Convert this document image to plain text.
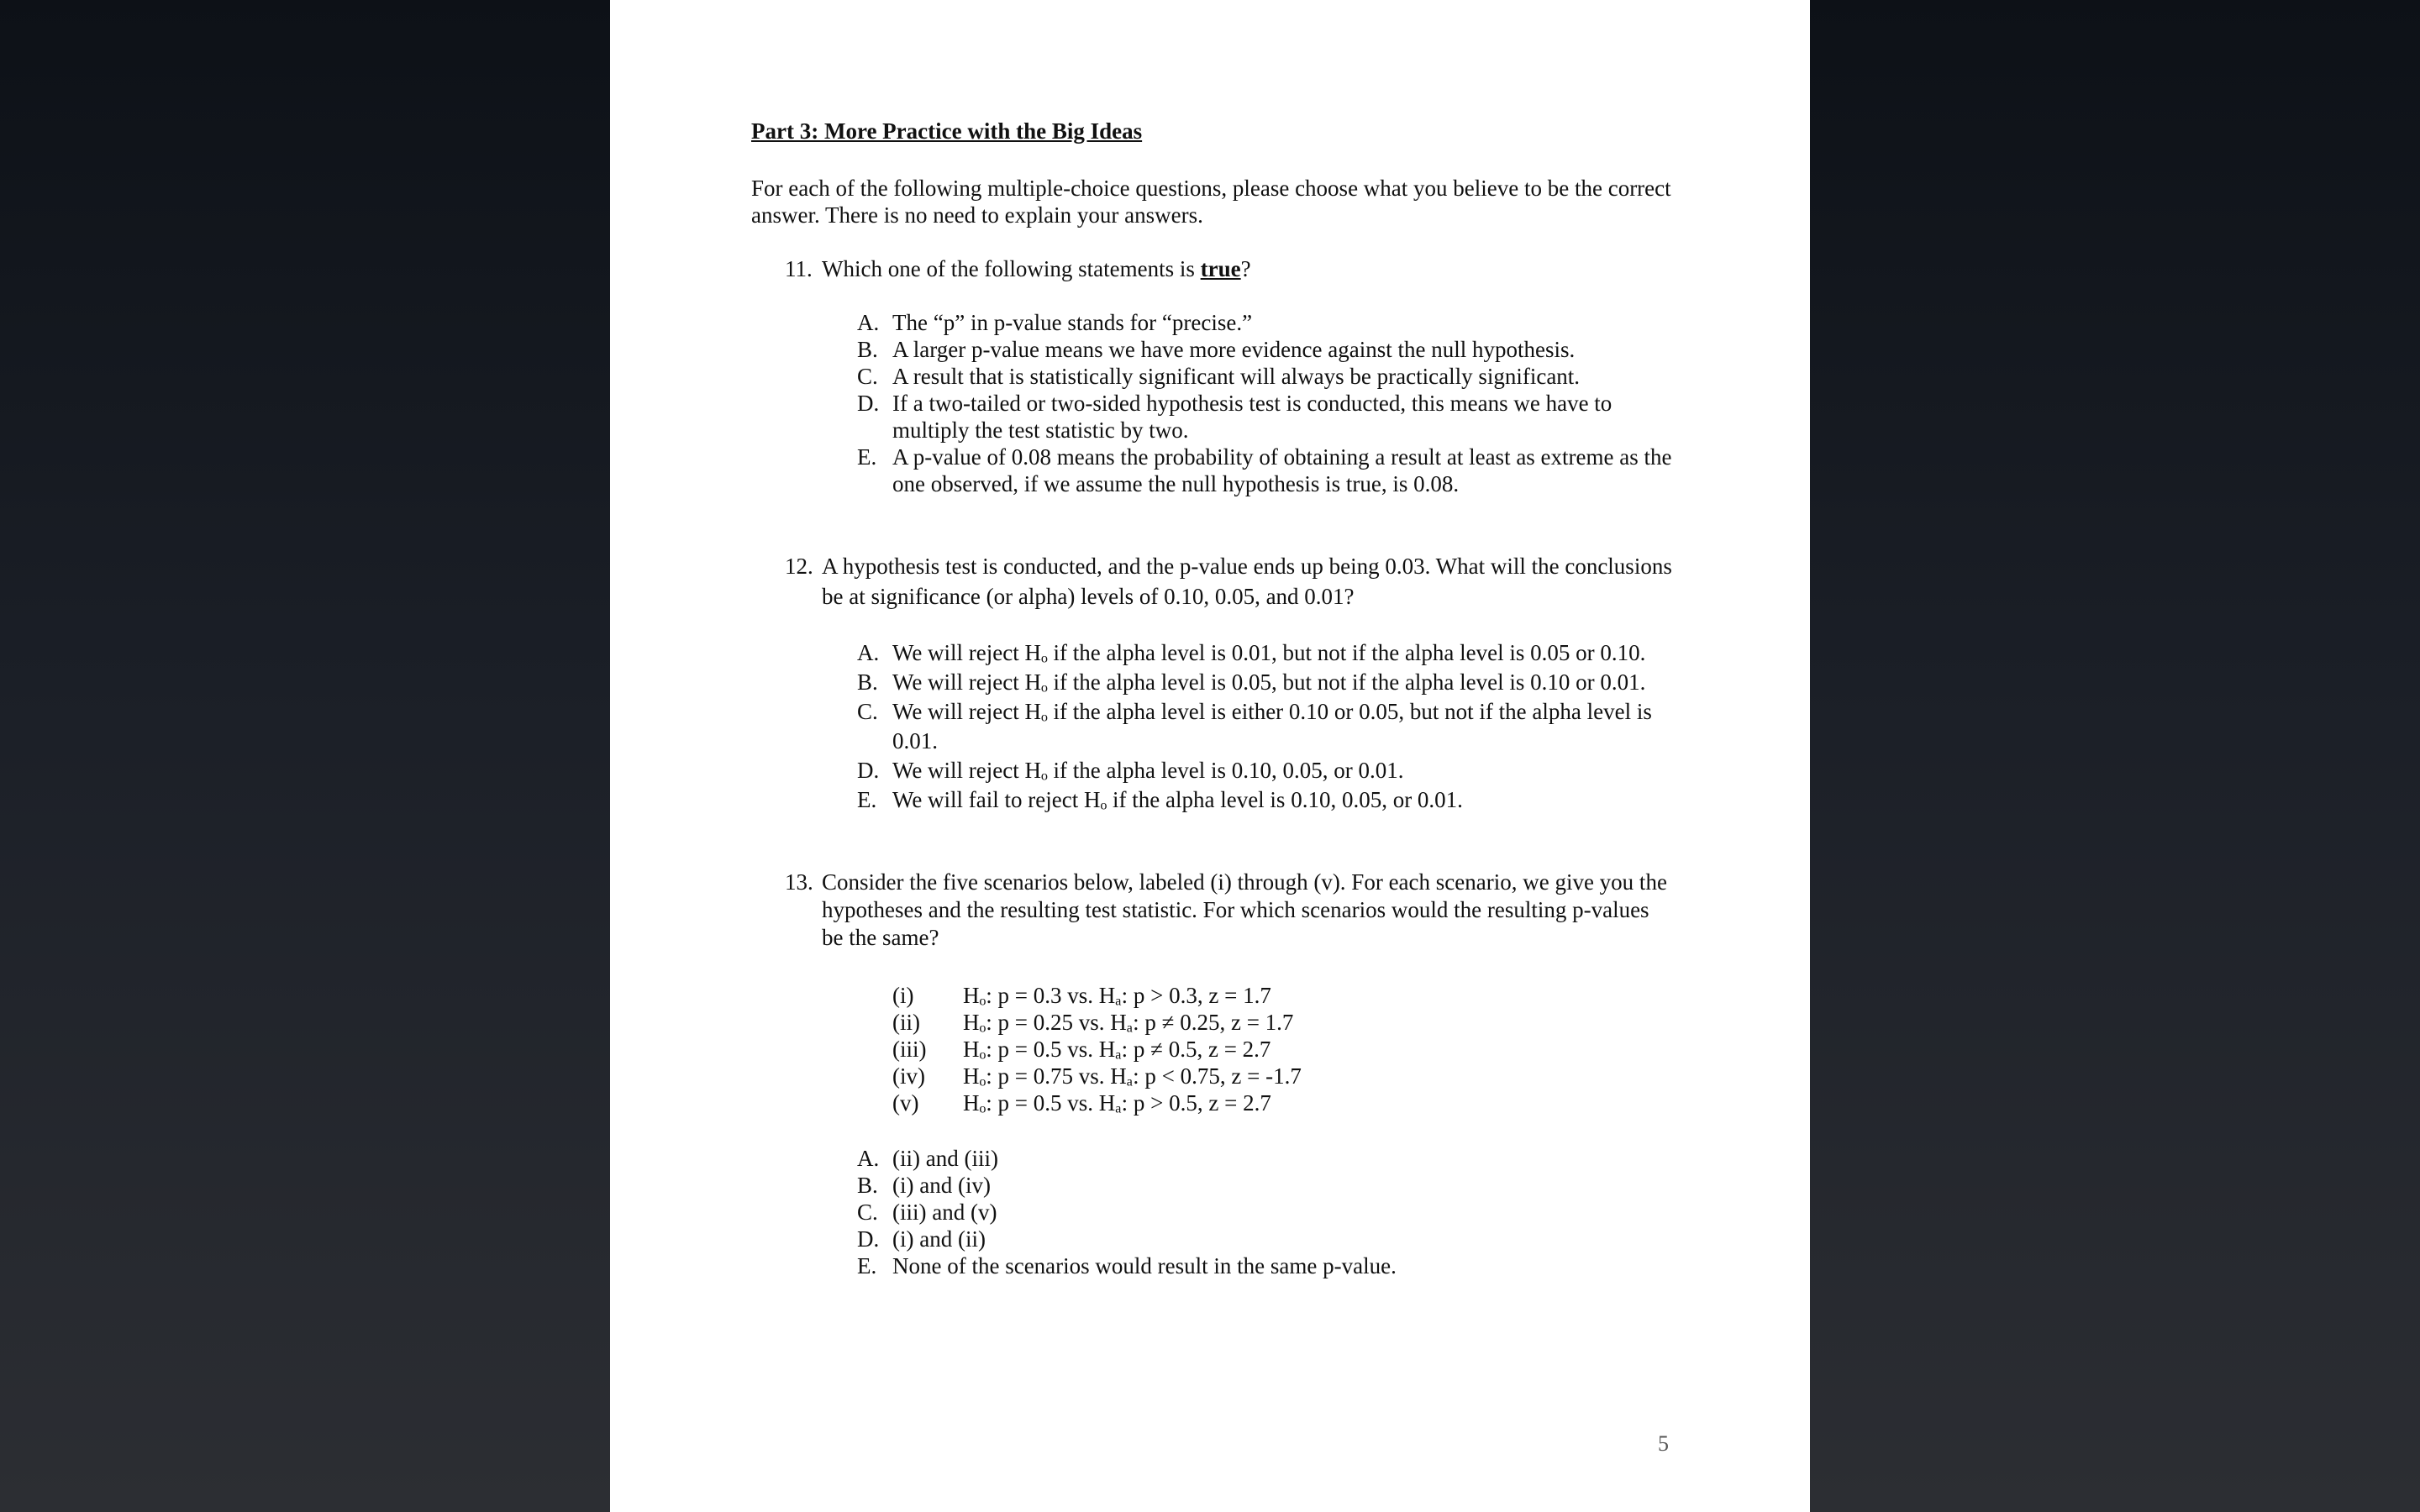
Part 3: More Practice with the Big Ideas
For each of the following multiple-choice questions, please choose what you believe to be the correct answer. There is no need to explain your answers.
11. Which one of the following statements is true?
A. The “p” in p-value stands for “precise.”
B. A larger p-value means we have more evidence against the null hypothesis.
C. A result that is statistically significant will always be practically significant.
D. If a two-tailed or two-sided hypothesis test is conducted, this means we have to multiply the test statistic by two.
E. A p-value of 0.08 means the probability of obtaining a result at least as extreme as the one observed, if we assume the null hypothesis is true, is 0.08.
12. A hypothesis test is conducted, and the p-value ends up being 0.03. What will the conclusions be at significance (or alpha) levels of 0.10, 0.05, and 0.01?
A. We will reject Hₒ if the alpha level is 0.01, but not if the alpha level is 0.05 or 0.10.
B. We will reject Hₒ if the alpha level is 0.05, but not if the alpha level is 0.10 or 0.01.
C. We will reject Hₒ if the alpha level is either 0.10 or 0.05, but not if the alpha level is 0.01.
D. We will reject Hₒ if the alpha level is 0.10, 0.05, or 0.01.
E. We will fail to reject Hₒ if the alpha level is 0.10, 0.05, or 0.01.
13. Consider the five scenarios below, labeled (i) through (v). For each scenario, we give you the hypotheses and the resulting test statistic. For which scenarios would the resulting p-values be the same?
(i) Hₒ: p = 0.3 vs. Hₐ: p > 0.3, z = 1.7
(ii) Hₒ: p = 0.25 vs. Hₐ: p ≠ 0.25, z = 1.7
(iii) Hₒ: p = 0.5 vs. Hₐ: p ≠ 0.5, z = 2.7
(iv) Hₒ: p = 0.75 vs. Hₐ: p < 0.75, z = -1.7
(v) Hₒ: p = 0.5 vs. Hₐ: p > 0.5, z = 2.7
A. (ii) and (iii)
B. (i) and (iv)
C. (iii) and (v)
D. (i) and (ii)
E. None of the scenarios would result in the same p-value.
5
